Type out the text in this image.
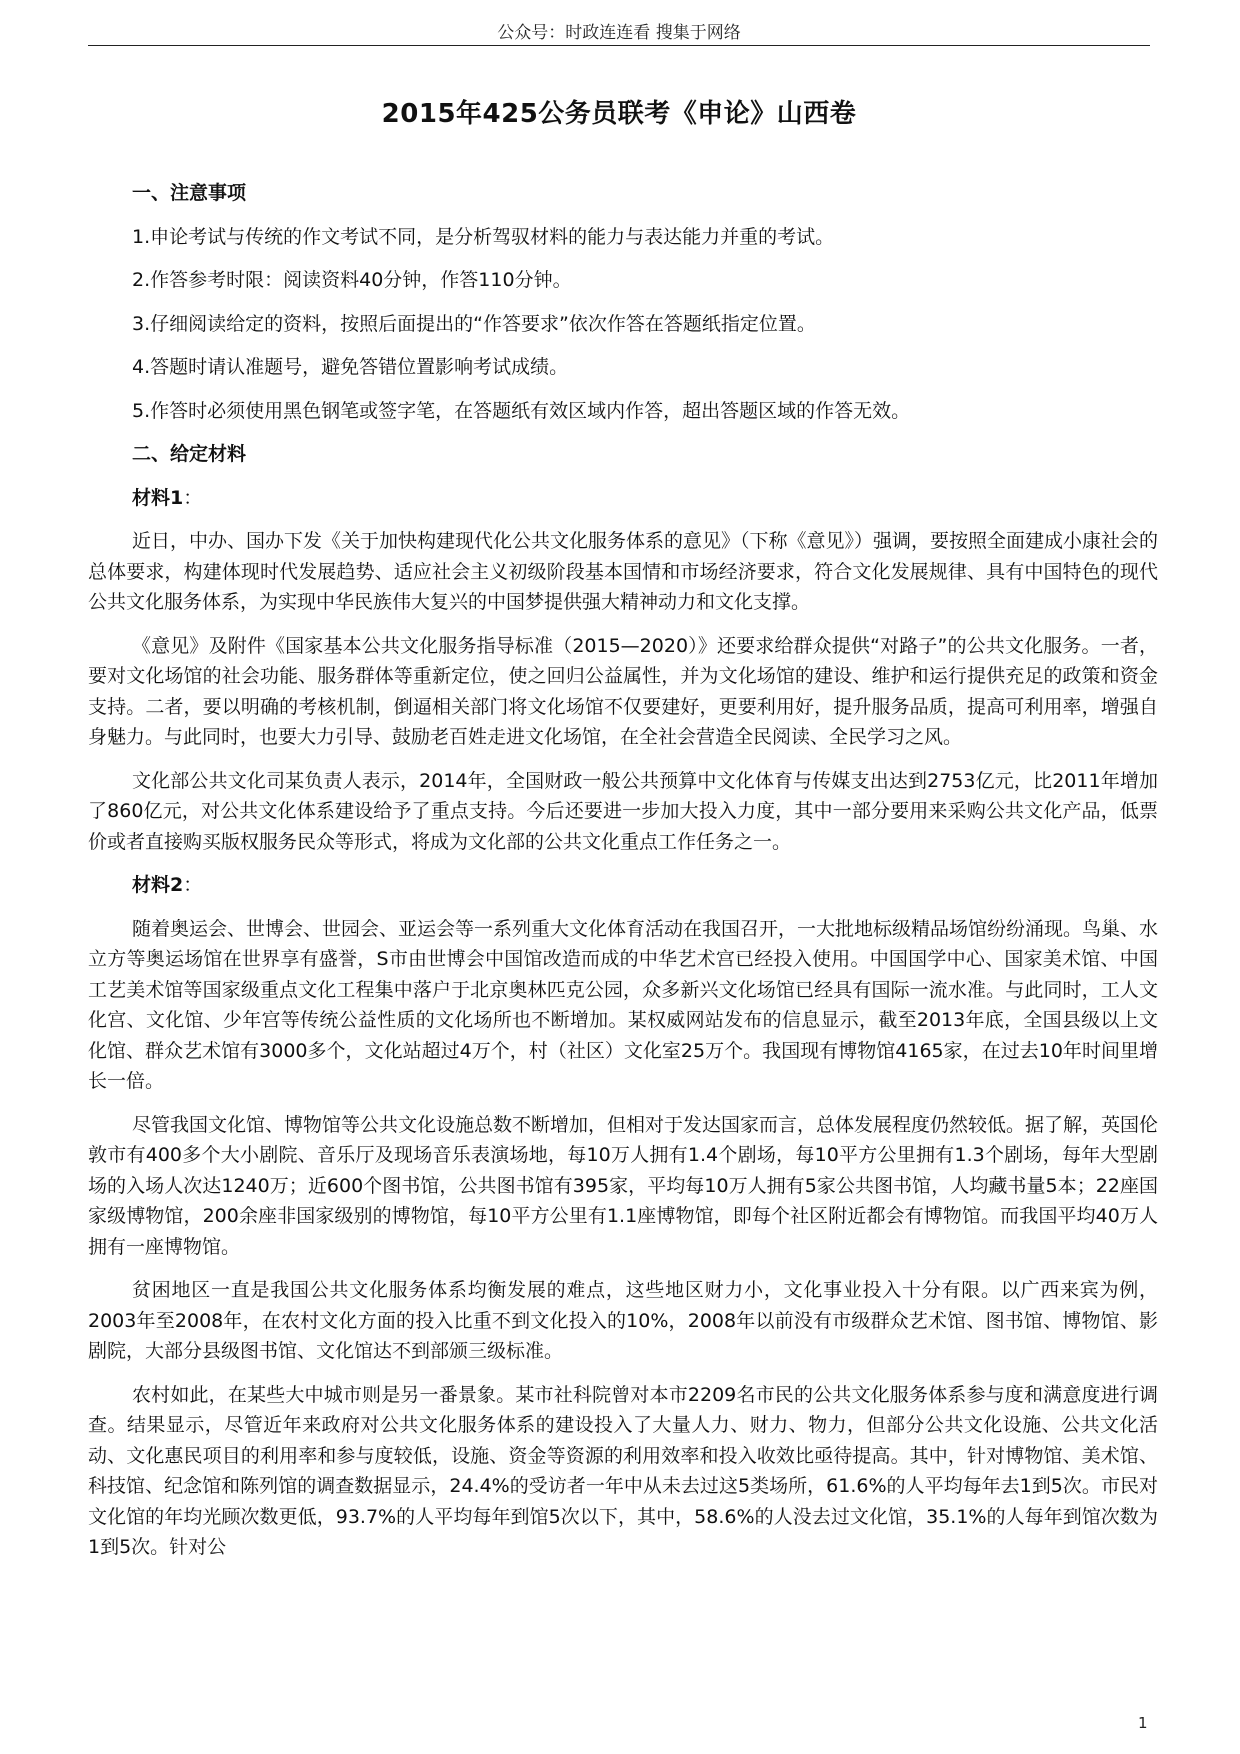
公众号：时政连连看 搜集于网络
2015年425公务员联考《申论》山西卷

一、注意事项

1.申论考试与传统的作文考试不同，是分析驾驭材料的能力与表达能力并重的考试。

2.作答参考时限：阅读资料40分钟，作答110分钟。

3.仔细阅读给定的资料，按照后面提出的“作答要求”依次作答在答题纸指定位置。

4.答题时请认准题号，避免答错位置影响考试成绩。

5.作答时必须使用黑色钢笔或签字笔，在答题纸有效区域内作答，超出答题区域的作答无效。

二、给定材料

材料1：

近日，中办、国办下发《关于加快构建现代化公共文化服务体系的意见》（下称《意见》）强调，要按照全面建成小康社会的总体要求，构建体现时代发展趋势、适应社会主义初级阶段基本国情和市场经济要求，符合文化发展规律、具有中国特色的现代公共文化服务体系，为实现中华民族伟大复兴的中国梦提供强大精神动力和文化支撑。

《意见》及附件《国家基本公共文化服务指导标准（2015—2020）》还要求给群众提供“对路子”的公共文化服务。一者，要对文化场馆的社会功能、服务群体等重新定位，使之回归公益属性，并为文化场馆的建设、维护和运行提供充足的政策和资金支持。二者，要以明确的考核机制，倒逼相关部门将文化场馆不仅要建好，更要利用好，提升服务品质，提高可利用率，增强自身魅力。与此同时，也要大力引导、鼓励老百姓走进文化场馆，在全社会营造全民阅读、全民学习之风。

文化部公共文化司某负责人表示，2014年，全国财政一般公共预算中文化体育与传媒支出达到2753亿元，比2011年增加了860亿元，对公共文化体系建设给予了重点支持。今后还要进一步加大投入力度，其中一部分要用来采购公共文化产品，低票价或者直接购买版权服务民众等形式，将成为文化部的公共文化重点工作任务之一。

材料2：

随着奥运会、世博会、世园会、亚运会等一系列重大文化体育活动在我国召开，一大批地标级精品场馆纷纷涌现。鸟巢、水立方等奥运场馆在世界享有盛誉，S市由世博会中国馆改造而成的中华艺术宫已经投入使用。中国国学中心、国家美术馆、中国工艺美术馆等国家级重点文化工程集中落户于北京奥林匹克公园，众多新兴文化场馆已经具有国际一流水准。与此同时，工人文化宫、文化馆、少年宫等传统公益性质的文化场所也不断增加。某权威网站发布的信息显示，截至2013年底，全国县级以上文化馆、群众艺术馆有3000多个，文化站超过4万个，村（社区）文化室25万个。我国现有博物馆4165家，在过去10年时间里增长一倍。

尽管我国文化馆、博物馆等公共文化设施总数不断增加，但相对于发达国家而言，总体发展程度仍然较低。据了解，英国伦敦市有400多个大小剧院、音乐厅及现场音乐表演场地，每10万人拥有1.4个剧场，每10平方公里拥有1.3个剧场，每年大型剧场的入场人次达1240万；近600个图书馆，公共图书馆有395家，平均每10万人拥有5家公共图书馆，人均藏书量5本；22座国家级博物馆，200余座非国家级别的博物馆，每10平方公里有1.1座博物馆，即每个社区附近都会有博物馆。而我国平均40万人拥有一座博物馆。

贫困地区一直是我国公共文化服务体系均衡发展的难点，这些地区财力小，文化事业投入十分有限。以广西来宾为例，2003年至2008年，在农村文化方面的投入比重不到文化投入的10%，2008年以前没有市级群众艺术馆、图书馆、博物馆、影剧院，大部分县级图书馆、文化馆达不到部颁三级标准。

农村如此，在某些大中城市则是另一番景象。某市社科院曾对本市2209名市民的公共文化服务体系参与度和满意度进行调查。结果显示，尽管近年来政府对公共文化服务体系的建设投入了大量人力、财力、物力，但部分公共文化设施、公共文化活动、文化惠民项目的利用率和参与度较低，设施、资金等资源的利用效率和投入收效比亟待提高。其中，针对博物馆、美术馆、科技馆、纪念馆和陈列馆的调查数据显示，24.4%的受访者一年中从未去过这5类场所，61.6%的人平均每年去1到5次。市民对文化馆的年均光顾次数更低，93.7%的人平均每年到馆5次以下，其中，58.6%的人没去过文化馆，35.1%的人每年到馆次数为1到5次。针对公

1
